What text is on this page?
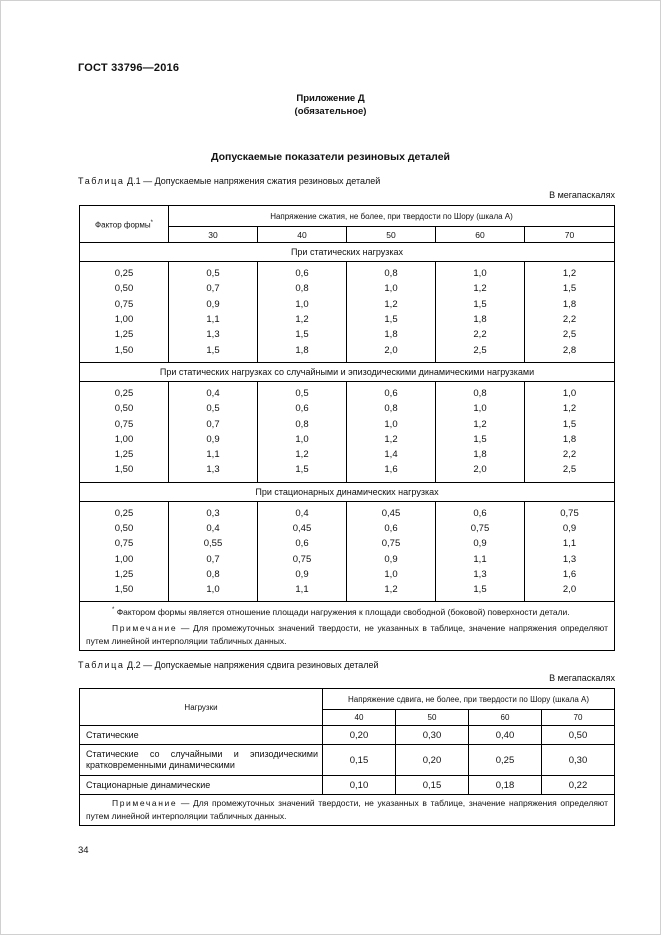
ГОСТ 33796—2016
Приложение Д
(обязательное)
Допускаемые показатели резиновых деталей
Таблица Д.1 — Допускаемые напряжения сжатия резиновых деталей
В мегапаскалях
Фактор формы*	Напряжение сжатия, не более, при твердости по Шору (шкала А)				
	30	40	50	60	70
При статических нагрузках					

0,25	0,5	0,6	0,8	1,0	1,2
0,50	0,7	0,8	1,0	1,2	1,5
0,75	0,9	1,0	1,2	1,5	1,8
1,00	1,1	1,2	1,5	1,8	2,2
1,25	1,3	1,5	1,8	2,2	2,5
1,50	1,5	1,8	2,0	2,5	2,8

При статических нагрузках со случайными и эпизодическими динамическими нагрузками					

0,25	0,4	0,5	0,6	0,8	1,0
0,50	0,5	0,6	0,8	1,0	1,2
0,75	0,7	0,8	1,0	1,2	1,5
1,00	0,9	1,0	1,2	1,5	1,8
1,25	1,1	1,2	1,4	1,8	2,2
1,50	1,3	1,5	1,6	2,0	2,5

При стационарных динамических нагрузках					

0,25	0,3	0,4	0,45	0,6	0,75
0,50	0,4	0,45	0,6	0,75	0,9
0,75	0,55	0,6	0,75	0,9	1,1
1,00	0,7	0,75	0,9	1,1	1,3
1,25	0,8	0,9	1,0	1,3	1,6
1,50	1,0	1,1	1,2	1,5	2,0

* Фактором формы является отношение площади нагружения к площади свободной (боковой) поверхности детали.
Примечание — Для промежуточных значений твердости, не указанных в таблице, значение напряжения определяют путем линейной интерполяции табличных данных.					
Таблица Д.2 — Допускаемые напряжения сдвига резиновых деталей
В мегапаскалях
Нагрузки	Напряжение сдвига, не более, при твердости по Шору (шкала А)			
	40	50	60	70
Статические	0,20	0,30	0,40	0,50
Статические со случайными и эпизодическими кратковременными динамическими	0,15	0,20	0,25	0,30
Стационарные динамические	0,10	0,15	0,18	0,22

Примечание — Для промежуточных значений твердости, не указанных в таблице, значение напряжения определяют путем линейной интерполяции табличных данных.				
34
